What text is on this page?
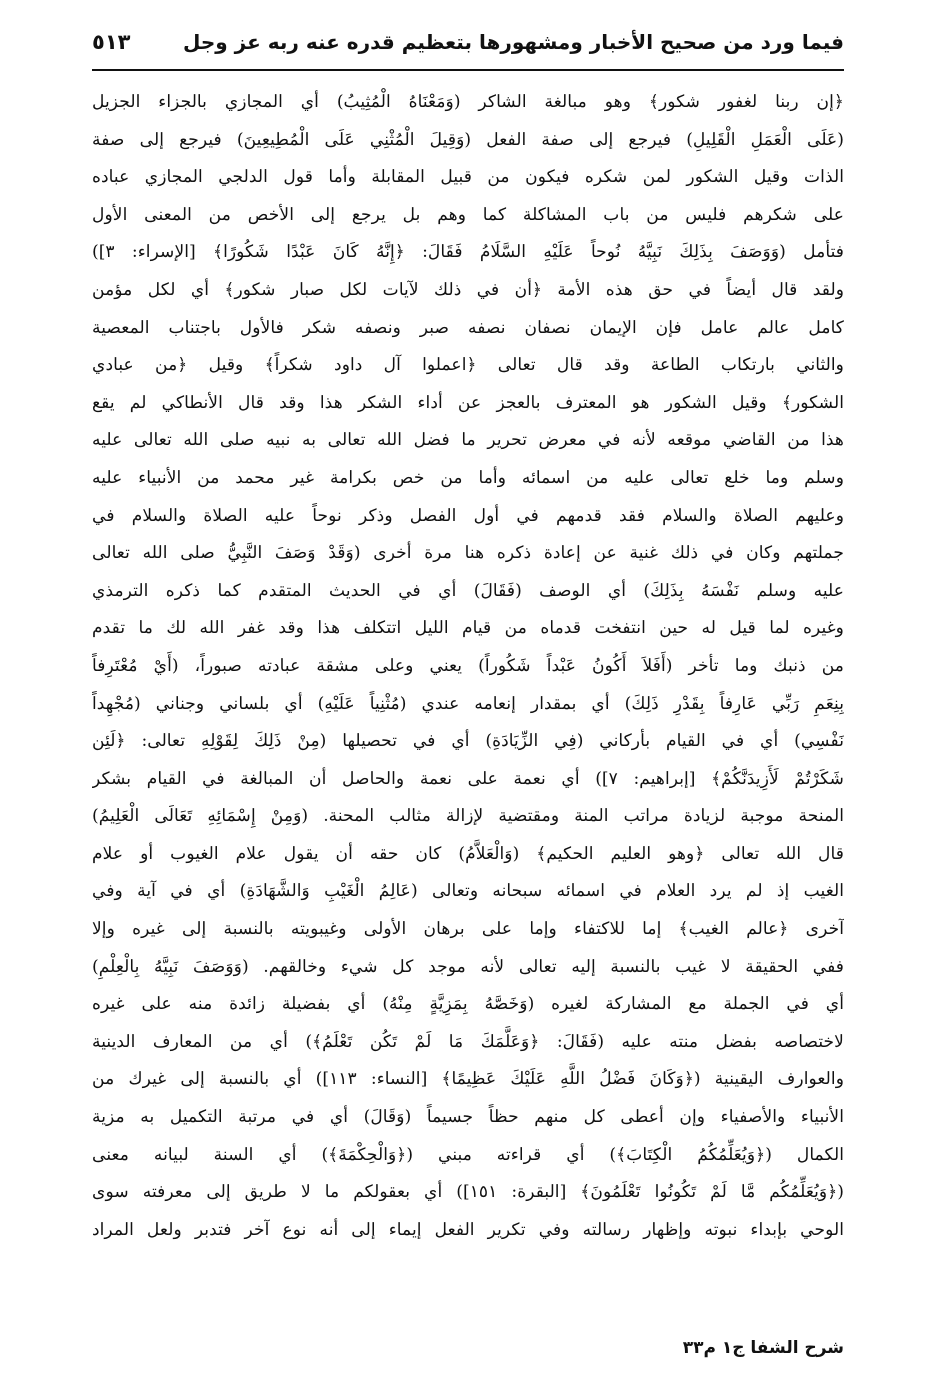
فيما ورد من صحيح الأخبار ومشهورها بتعظيم قدره عنه ربه عز وجل
٥١٣
﴿إن ربنا لغفور شكور﴾ وهو مبالغة الشاكر (وَمَعْنَاهُ الْمُثِيبُ) أي المجازي بالجزاء الجزيل
(عَلَى الْعَمَلِ الْقَلِيلِ) فيرجع إلى صفة الفعل (وَقِيلَ الْمُثْنِي عَلَى الْمُطِيعِينَ) فيرجع إلى صفة
الذات وقيل الشكور لمن شكره فيكون من قبيل المقابلة وأما قول الدلجي المجازي عباده
على شكرهم فليس من باب المشاكلة كما وهم بل يرجع إلى الأخص من المعنى الأول
فتأمل (وَوَصَفَ بِذَلِكَ نَبِيَّهُ نُوحاً عَلَيْهِ السَّلَامُ فَقَالَ: ﴿إِنَّهُ كَانَ عَبْدًا شَكُورًا﴾ [الإسراء: ٣])
ولقد قال أيضاً في حق هذه الأمة ﴿أن في ذلك لآيات لكل صبار شكور﴾ أي لكل مؤمن
كامل عالم عامل فإن الإيمان نصفان نصفه صبر ونصفه شكر فالأول باجتناب المعصية
والثاني بارتكاب الطاعة وقد قال تعالى ﴿اعملوا آل داود شكراً﴾ وقيل ﴿من عبادي
الشكور﴾ وقيل الشكور هو المعترف بالعجز عن أداء الشكر هذا وقد قال الأنطاكي لم يقع
هذا من القاضي موقعه لأنه في معرض تحرير ما فضل الله تعالى به نبيه صلى الله تعالى عليه
وسلم وما خلع تعالى عليه من اسمائه وأما من خص بكرامة غير محمد من الأنبياء عليه
وعليهم الصلاة والسلام فقد قدمهم في أول الفصل وذكر نوحاً عليه الصلاة والسلام في
جملتهم وكان في ذلك غنية عن إعادة ذكره هنا مرة أخرى (وَقَدْ وَصَفَ النَّبِيُّ صلى الله تعالى
عليه وسلم نَفْسَهُ بِذَلِكَ) أي الوصف (فَقَالَ) أي في الحديث المتقدم كما ذكره الترمذي
وغيره لما قيل له حين انتفخت قدماه من قيام الليل اتتكلف هذا وقد غفر الله لك ما تقدم
من ذنبك وما تأخر (أَفَلاَ أَكُونُ عَبْداً شَكُوراً) يعني وعلى مشقة عبادته صبوراً، (أَيْ مُعْتَرِفاً
بِنِعَمِ رَبِّي عَارِفاً بِقَدْرِ ذَلِكَ) أي بمقدار إنعامه عندي (مُثْنِياً عَلَيْهِ) أي بلساني وجناني (مُجْهِداً
نَفْسِي) أي في القيام بأركاني (فِي الزِّيَادَةِ) أي في تحصيلها (مِنْ ذَلِكَ لِقَوْلِهِ تعالى: ﴿لَئِن
شَكَرْتُمْ لَأَزِيدَنَّكُمْ﴾ [إبراهيم: ٧]) أي نعمة على نعمة والحاصل أن المبالغة في القيام بشكر
المنحة موجبة لزيادة مراتب المنة ومقتضية لإزالة مثالب المحنة. (وَمِنْ إِسْمَائِهِ تَعَالَى الْعَلِيمُ)
قال الله تعالى ﴿وهو العليم الحكيم﴾ (وَالْعَلاَّمُ) كان حقه أن يقول علام الغيوب أو علام
الغيب إذ لم يرد العلام في اسمائه سبحانه وتعالى (عَالِمُ الْغَيْبِ وَالشَّهَادَةِ) أي في آية وفي
آخرى ﴿عالم الغيب﴾ إما للاكتفاء وإما على برهان الأولى وغيبويته بالنسبة إلى غيره وإلا
ففي الحقيقة لا غيب بالنسبة إليه تعالى لأنه موجد كل شيء وخالقهم. (وَوَصَفَ نَبِيَّهُ بِالْعِلْمِ)
أي في الجملة مع المشاركة لغيره (وَخَصَّهُ بِمَزِيَّةٍ مِنْهُ) أي بفضيلة زائدة منه على غيره
لاختصاصه بفضل منته عليه (فَقَالَ: ﴿وَعَلَّمَكَ مَا لَمْ تَكُن تَعْلَمُ﴾) أي من المعارف الدينية
والعوارف اليقينية (﴿وَكَانَ فَضْلُ اللَّهِ عَلَيْكَ عَظِيمًا﴾ [النساء: ١١٣]) أي بالنسبة إلى غيرك من
الأنبياء والأصفياء وإن أعطى كل منهم حظاً جسيماً (وَقَالَ) أي في مرتبة التكميل به مزية
الكمال (﴿وَيُعَلِّمُكُمُ الْكِتَابَ﴾) أي قراءته مبني (﴿وَالْحِكْمَةَ﴾) أي السنة لبيانه معنى
(﴿وَيُعَلِّمُكُم مَّا لَمْ تَكُونُوا تَعْلَمُونَ﴾ [البقرة: ١٥١]) أي بعقولكم ما لا طريق إلى معرفته سوى
الوحي بإبداء نبوته وإظهار رسالته وفي تكرير الفعل إيماء إلى أنه نوع آخر فتدبر ولعل المراد
شرح الشفا ج١ م٣٣
